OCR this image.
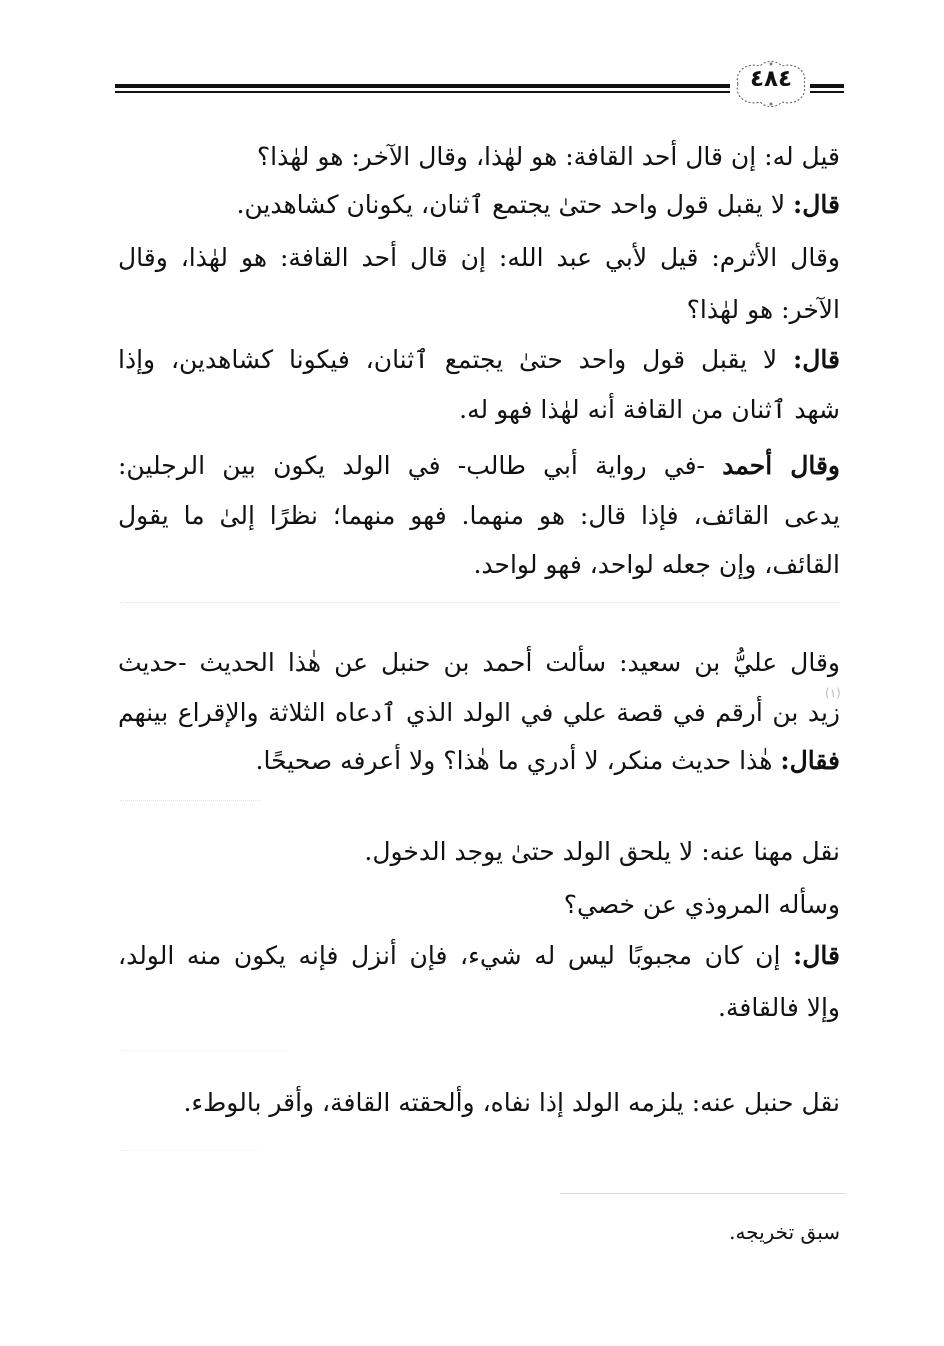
٤٨٤
قيل له: إن قال أحد القافة: هو لهٰذا، وقال الآخر: هو لهٰذا؟
قال: لا يقبل قول واحد حتىٰ يجتمع ٱثنان، يكونان كشاهدين.
وقال الأثرم: قيل لأبي عبد الله: إن قال أحد القافة: هو لهٰذا، وقال
الآخر: هو لهٰذا؟
قال: لا يقبل قول واحد حتىٰ يجتمع ٱثنان، فيكونا كشاهدين، وإذا
شهد ٱثنان من القافة أنه لهٰذا فهو له.
وقال أحمد -في رواية أبي طالب- في الولد يكون بين الرجلين:
يدعى القائف، فإذا قال: هو منهما. فهو منهما؛ نظرًا إلىٰ ما يقول
القائف، وإن جعله لواحد، فهو لواحد.
وقال عليُّ بن سعيد: سألت أحمد بن حنبل عن هٰذا الحديث -حديث
زيد بن أرقم في قصة علي في الولد الذي ٱدعاه الثلاثة والإقراع بينهم
فقال: هٰذا حديث منكر، لا أدري ما هٰذا؟ ولا أعرفه صحيحًا.
نقل مهنا عنه: لا يلحق الولد حتىٰ يوجد الدخول.
وسأله المروذي عن خصي؟
قال: إن كان مجبوبًا ليس له شيء، فإن أنزل فإنه يكون منه الولد،
وإلا فالقافة.
نقل حنبل عنه: يلزمه الولد إذا نفاه، وألحقته القافة، وأقر بالوطء.
(١)
سبق تخريجه.
